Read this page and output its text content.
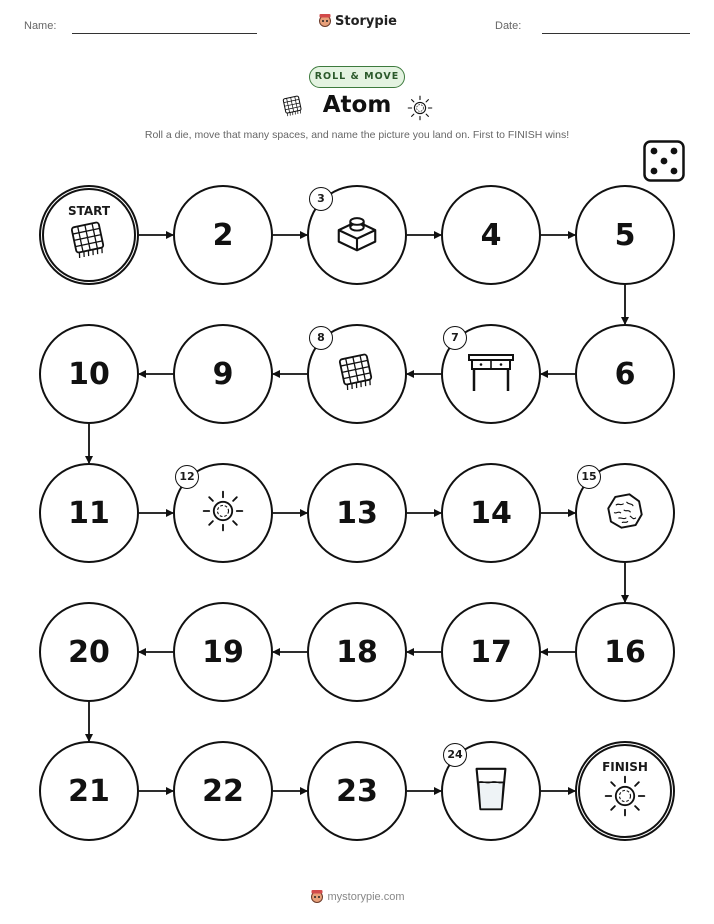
Name:	Storypie	Date:
ROLL & MOVE
Atom
Roll a die, move that many spaces, and name the picture you land on. First to FINISH wins!
START
2
3
4	5
6
7
8
9
10
11
12
13	14
15
16
17
18
19
20
21	22	23
24
FINISH
mystorypie.com
